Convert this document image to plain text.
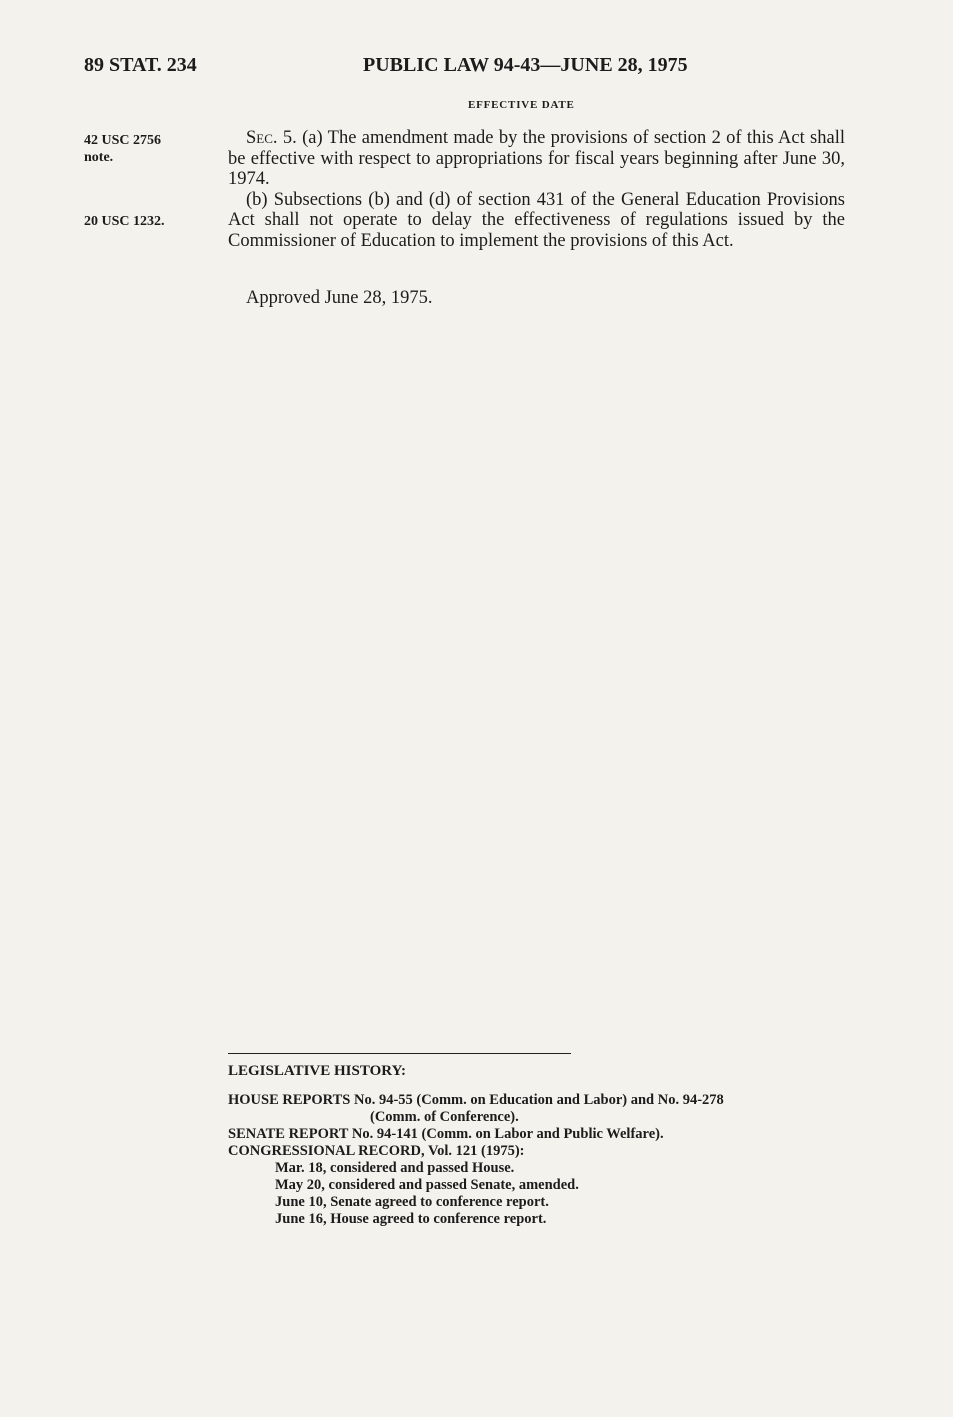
89 STAT. 234	PUBLIC LAW 94-43—JUNE 28, 1975
EFFECTIVE DATE
42 USC 2756
note.
20 USC 1232.

Sec. 5. (a) The amendment made by the provisions of section 2 of this Act shall be effective with respect to appropriations for fiscal years beginning after June 30, 1974.

(b) Subsections (b) and (d) of section 431 of the General Education Provisions Act shall not operate to delay the effectiveness of regulations issued by the Commissioner of Education to implement the provisions of this Act.

Approved June 28, 1975.

LEGISLATIVE HISTORY:

HOUSE REPORTS No. 94-55 (Comm. on Education and Labor) and No. 94-278

(Comm. of Conference).

SENATE REPORT No. 94-141 (Comm. on Labor and Public Welfare).

CONGRESSIONAL RECORD, Vol. 121 (1975):

Mar. 18, considered and passed House.

May 20, considered and passed Senate, amended.

June 10, Senate agreed to conference report.

June 16, House agreed to conference report.
